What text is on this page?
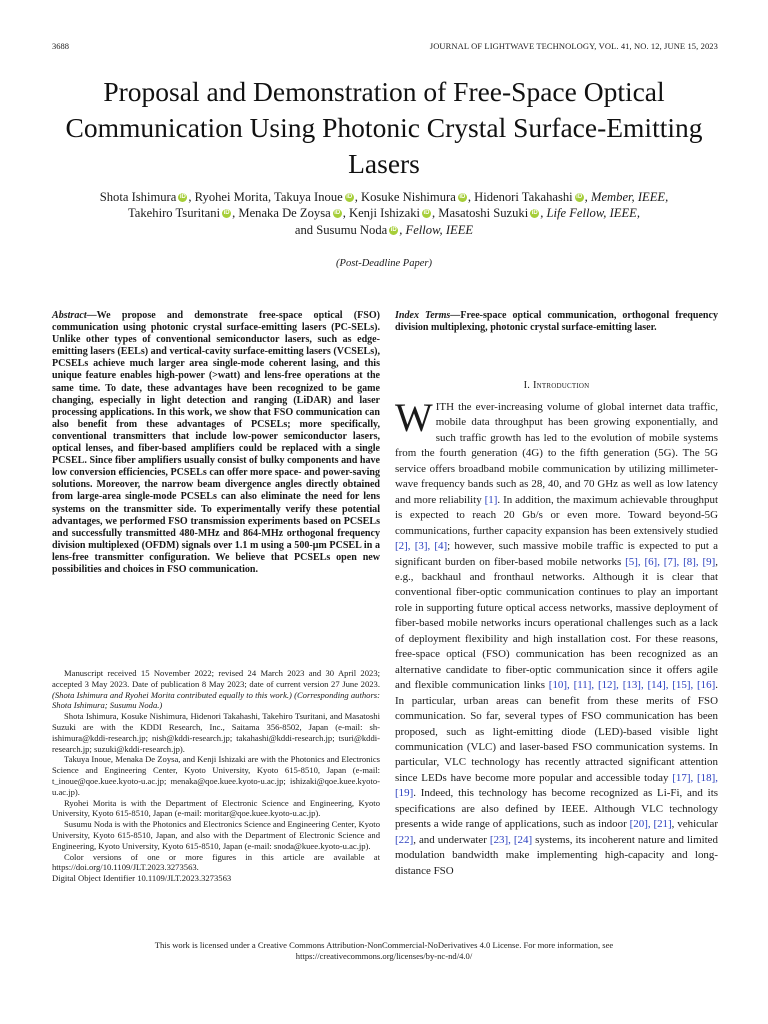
3688	JOURNAL OF LIGHTWAVE TECHNOLOGY, VOL. 41, NO. 12, JUNE 15, 2023
Proposal and Demonstration of Free-Space Optical Communication Using Photonic Crystal Surface-Emitting Lasers
Shota Ishimura iD , Ryohei Morita, Takuya Inoue iD , Kosuke Nishimura iD , Hidenori Takahashi iD , Member, IEEE,
Takehiro Tsuritani iD , Menaka De Zoysa iD , Kenji Ishizaki iD , Masatoshi Suzuki iD , Life Fellow, IEEE,
and Susumu Noda iD , Fellow, IEEE
(Post-Deadline Paper)
Abstract—We propose and demonstrate free-space optical (FSO) communication using photonic crystal surface-emitting lasers (PC-SELs). Unlike other types of conventional semiconductor lasers, such as edge-emitting lasers (EELs) and vertical-cavity surface-emitting lasers (VCSELs), PCSELs achieve much larger area single-mode coherent lasing, and this unique feature enables high-power (>watt) and lens-free operations at the same time. To date, these advantages have been recognized to be game changing, especially in light detection and ranging (LiDAR) and laser processing applications. In this work, we show that FSO communication can also benefit from these advantages of PCSELs; more specifically, conventional transmitters that include low-power semiconductor lasers, optical lenses, and fiber-based amplifiers could be replaced with a single PCSEL. Since fiber amplifiers usually consist of bulky components and have low conversion efficiencies, PCSELs can offer more space- and power-saving solutions. Moreover, the narrow beam divergence angles directly obtained from large-area single-mode PCSELs can also eliminate the need for lens systems on the transmitter side. To experimentally verify these potential advantages, we performed FSO transmission experiments based on PCSELs and successfully transmitted 480-MHz and 864-MHz orthogonal frequency division multiplexed (OFDM) signals over 1.1 m using a 500-μm PCSEL in a lens-free transmitter configuration. We believe that PCSELs open new possibilities and choices in FSO communication.
Index Terms—Free-space optical communication, orthogonal frequency division multiplexing, photonic crystal surface-emitting laser.

Manuscript received 15 November 2022; revised 24 March 2023 and 30 April 2023; accepted 3 May 2023. Date of publication 8 May 2023; date of current version 27 June 2023. (Shota Ishimura and Ryohei Morita contributed equally to this work.) (Corresponding authors: Shota Ishimura; Susumu Noda.)

Shota Ishimura, Kosuke Nishimura, Hidenori Takahashi, Takehiro Tsuritani, and Masatoshi Suzuki are with the KDDI Research, Inc., Saitama 356-8502, Japan (e-mail: sh-ishimura@kddi-research.jp; nish@kddi-research.jp; takahashi@kddi-research.jp; tsuri@kddi-research.jp; suzuki@kddi-research.jp).

Takuya Inoue, Menaka De Zoysa, and Kenji Ishizaki are with the Photonics and Electronics Science and Engineering Center, Kyoto University, Kyoto 615-8510, Japan (e-mail: t_inoue@qoe.kuee.kyoto-u.ac.jp; menaka@qoe.kuee.kyoto-u.ac.jp; ishizaki@qoe.kuee.kyoto-u.ac.jp).

Ryohei Morita is with the Department of Electronic Science and Engineering, Kyoto University, Kyoto 615-8510, Japan (e-mail: moritar@qoe.kuee.kyoto-u.ac.jp).

Susumu Noda is with the Photonics and Electronics Science and Engineering Center, Kyoto University, Kyoto 615-8510, Japan, and also with the Department of Electronic Science and Engineering, Kyoto University, Kyoto 615-8510, Japan (e-mail: snoda@kuee.kyoto-u.ac.jp).

Color versions of one or more figures in this article are available at https://doi.org/10.1109/JLT.2023.3273563.

Digital Object Identifier 10.1109/JLT.2023.3273563

I. Introduction
WITH the ever-increasing volume of global internet data traffic, mobile data throughput has been growing exponentially, and such traffic growth has led to the evolution of mobile systems from the fourth generation (4G) to the fifth generation (5G). The 5G service offers broadband mobile communication by utilizing millimeter-wave frequency bands such as 28, 40, and 70 GHz as well as low latency and more reliability [1]. In addition, the maximum achievable throughput is expected to reach 20 Gb/s or even more. Toward beyond-5G communications, further capacity expansion has been extensively studied [2], [3], [4]; however, such massive mobile traffic is expected to put a significant burden on fiber-based mobile networks [5], [6], [7], [8], [9], e.g., backhaul and fronthaul networks. Although it is clear that conventional fiber-optic communication continues to play an important role in supporting future optical access networks, massive deployment of fiber-based mobile networks incurs operational challenges such as a lack of deployment flexibility and high installation cost. For these reasons, free-space optical (FSO) communication has been recognized as an alternative candidate to fiber-optic communication since it offers agile and flexible communication links [10], [11], [12], [13], [14], [15], [16]. In particular, urban areas can benefit from these merits of FSO communication. So far, several types of FSO communication has been proposed, such as light-emitting diode (LED)-based visible light communication (VLC) and laser-based FSO communication systems. In particular, VLC technology has recently attracted significant attention since LEDs have become more popular and accessible today [17], [18], [19]. Indeed, this technology has become recognized as Li-Fi, and its specifications are also defined by IEEE. Although VLC technology presents a wide range of applications, such as indoor [20], [21], vehicular [22], and underwater [23], [24] systems, its incoherent nature and limited modulation bandwidth make implementing high-capacity and long-distance FSO
This work is licensed under a Creative Commons Attribution-NonCommercial-NoDerivatives 4.0 License. For more information, see
https://creativecommons.org/licenses/by-nc-nd/4.0/
